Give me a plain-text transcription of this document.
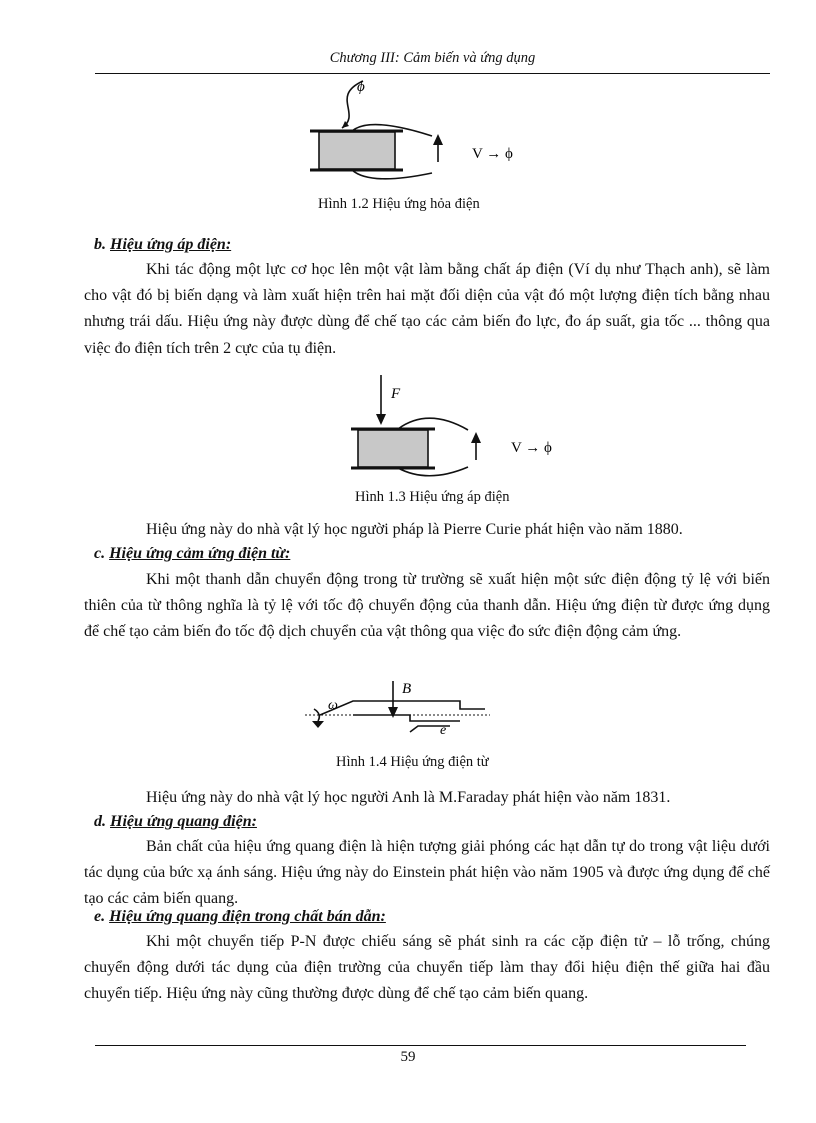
Chương III: Cảm biến và ứng dụng
ϕ
V → ϕ
Hình 1.2 Hiệu ứng hỏa điện
b. Hiệu ứng áp điện:
Khi tác động một lực cơ học lên một vật làm bằng chất áp điện (Ví dụ như Thạch anh), sẽ làm cho vật đó bị biến dạng và làm xuất hiện trên hai mặt đối diện của vật đó một lượng điện tích bằng nhau nhưng trái dấu. Hiệu ứng này được dùng để chế tạo các cảm biến đo lực, đo áp suất, gia tốc ... thông qua việc đo điện tích trên 2 cực của tụ điện.
F
V → ϕ
Hình 1.3 Hiệu ứng áp điện
Hiệu ứng này do nhà vật lý học người pháp là Pierre Curie phát hiện vào năm 1880.
c. Hiệu ứng cảm ứng điện từ:
Khi một thanh dẫn chuyển động trong từ trường sẽ xuất hiện một sức điện động tỷ lệ với biến thiên của từ thông nghĩa là tỷ lệ với tốc độ chuyển động của thanh dẫn. Hiệu ứng điện từ được ứng dụng để chế tạo cảm biến đo tốc độ dịch chuyển của vật thông qua việc đo sức điện động cảm ứng.
B
ω
e
Hình 1.4 Hiệu ứng điện từ
Hiệu ứng này do nhà vật lý học người Anh là M.Faraday phát hiện vào năm 1831.
d. Hiệu ứng quang điện:
Bản chất của hiệu ứng quang điện là hiện tượng giải phóng các hạt dẫn tự do trong vật liệu dưới tác dụng của bức xạ ánh sáng. Hiệu ứng này do Einstein phát hiện vào năm 1905 và được ứng dụng để chế tạo các cảm biến quang.
e. Hiệu ứng quang điện trong chất bán dẫn:
Khi một chuyển tiếp P-N được chiếu sáng sẽ phát sinh ra các cặp điện tử – lỗ trống, chúng chuyển động dưới tác dụng của điện trường của chuyển tiếp làm thay đổi hiệu điện thế giữa hai đầu chuyển tiếp. Hiệu ứng này cũng thường được dùng để chế tạo cảm biến quang.
59
